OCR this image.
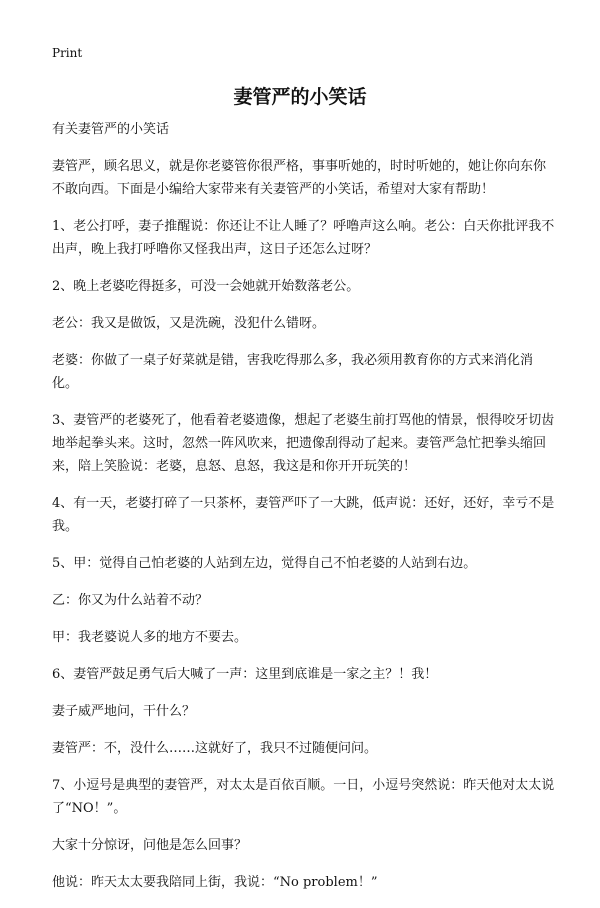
Print
妻管严的小笑话

有关妻管严的小笑话

妻管严，顾名思义，就是你老婆管你很严格，事事听她的，时时听她的，她让你向东你不敢向西。下面是小编给大家带来有关妻管严的小笑话，希望对大家有帮助！

1、老公打呼，妻子推醒说：你还让不让人睡了？呼噜声这么响。老公：白天你批评我不出声，晚上我打呼噜你又怪我出声，这日子还怎么过呀？

2、晚上老婆吃得挺多，可没一会她就开始数落老公。

老公：我又是做饭，又是洗碗，没犯什么错呀。

老婆：你做了一桌子好菜就是错，害我吃得那么多，我必须用教育你的方式来消化消化。

3、妻管严的老婆死了，他看着老婆遗像，想起了老婆生前打骂他的情景，恨得咬牙切齿地举起拳头来。这时，忽然一阵风吹来，把遗像刮得动了起来。妻管严急忙把拳头缩回来，陪上笑脸说：老婆，息怒、息怒，我这是和你开开玩笑的！

4、有一天，老婆打碎了一只茶杯，妻管严吓了一大跳，低声说：还好，还好，幸亏不是我。

5、甲：觉得自己怕老婆的人站到左边，觉得自己不怕老婆的人站到右边。

乙：你又为什么站着不动？

甲：我老婆说人多的地方不要去。

6、妻管严鼓足勇气后大喊了一声：这里到底谁是一家之主？！我！

妻子威严地问，干什么？

妻管严：不，没什么……这就好了，我只不过随便问问。

7、小逗号是典型的妻管严，对太太是百依百顺。一日，小逗号突然说：昨天他对太太说了“NO！”。

大家十分惊讶，问他是怎么回事？

他说：昨天太太要我陪同上街，我说：“No problem！”
